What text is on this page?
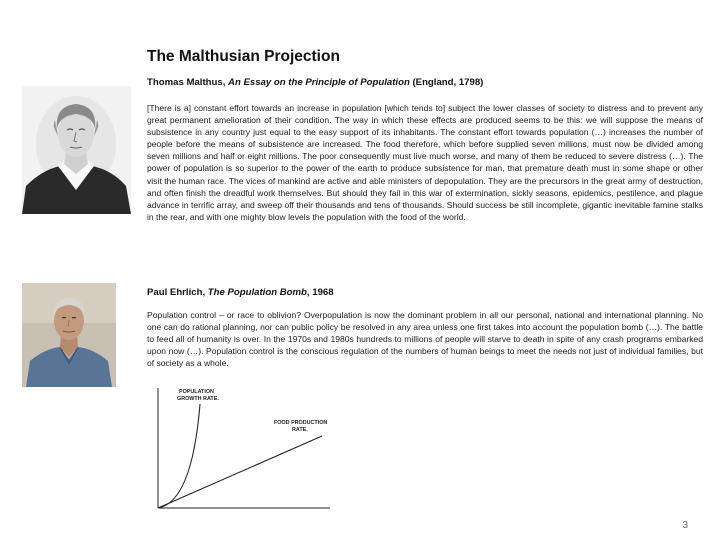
The Malthusian Projection
Thomas Malthus, An Essay on the Principle of Population (England, 1798)
[There is a] constant effort towards an increase in population [which tends to] subject the lower classes of society to distress and to prevent any great permanent amelioration of their condition. The way in which these effects are produced seems to be this: we will suppose the means of subsistence in any country just equal to the easy support of its inhabitants. The constant effort towards population (…) increases the number of people before the means of subsistence are increased. The food therefore, which before supplied seven millions, must now be divided among seven millions and half or eight millions. The poor consequently must live much worse, and many of them be reduced to severe distress (…). The power of population is so superior to the power of the earth to produce subsistence for man, that premature death must in some shape or other visit the human race. The vices of mankind are active and able ministers of depopulation. They are the precursors in the great army of destruction, and often finish the dreadful work themselves. But should they fail in this war of extermination, sickly seasons, epidemics, pestilence, and plague advance in terrific array, and sweep off their thousands and tens of thousands. Should success be still incomplete, gigantic inevitable famine stalks in the rear, and with one mighty blow levels the population with the food of the world.
Paul Ehrlich, The Population Bomb, 1968
Population control – or race to oblivion? Overpopulation is now the dominant problem in all our personal, national and international planning. No one can do rational planning, nor can public policy be resolved in any area unless one first takes into account the population bomb (…). The battle to feed all of humanity is over. In the 1970s and 1980s hundreds to millions of people will starve to death in spite of any crash programs embarked upon now (…). Population control is the conscious regulation of the numbers of human beings to meet the needs not just of individual families, but of society as a whole.
POPULATION
GROWTH RATE.
FOOD PRODUCTION
RATE.
3
